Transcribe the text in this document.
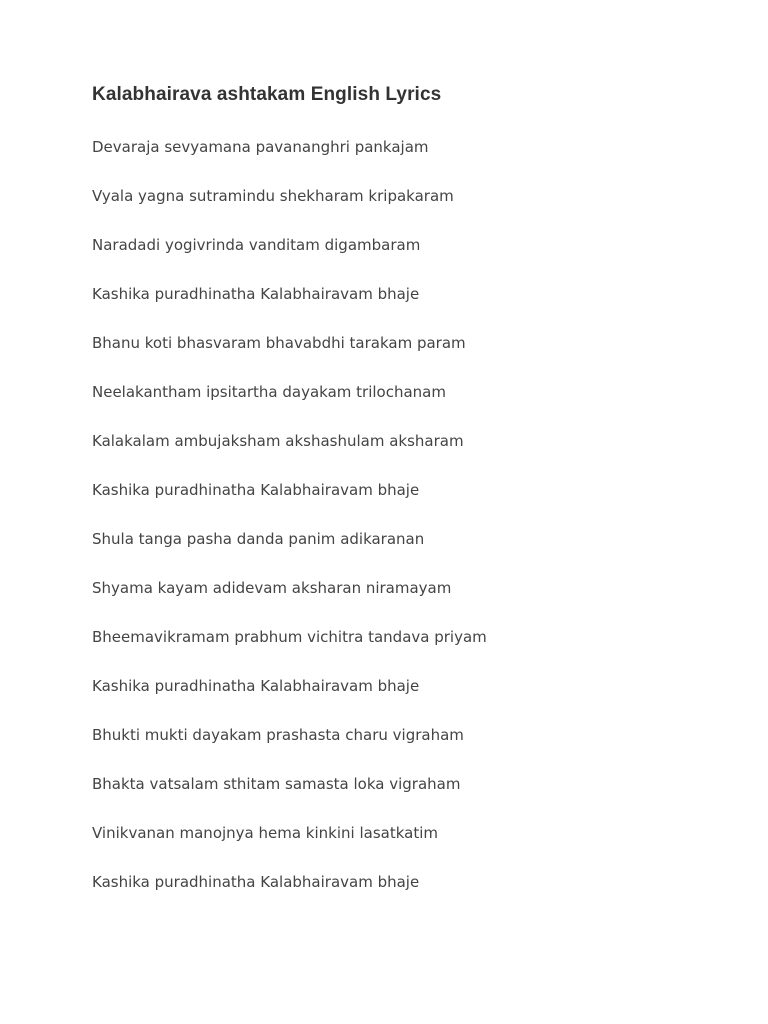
Kalabhairava ashtakam English Lyrics
Devaraja sevyamana pavananghri pankajam
Vyala yagna sutramindu shekharam kripakaram
Naradadi yogivrinda vanditam digambaram
Kashika puradhinatha Kalabhairavam bhaje
Bhanu koti bhasvaram bhavabdhi tarakam param
Neelakantham ipsitartha dayakam trilochanam
Kalakalam ambujaksham akshashulam aksharam
Kashika puradhinatha Kalabhairavam bhaje
Shula tanga pasha danda panim adikaranan
Shyama kayam adidevam aksharan niramayam
Bheemavikramam prabhum vichitra tandava priyam
Kashika puradhinatha Kalabhairavam bhaje
Bhukti mukti dayakam prashasta charu vigraham
Bhakta vatsalam sthitam samasta loka vigraham
Vinikvanan manojnya hema kinkini lasatkatim
Kashika puradhinatha Kalabhairavam bhaje
